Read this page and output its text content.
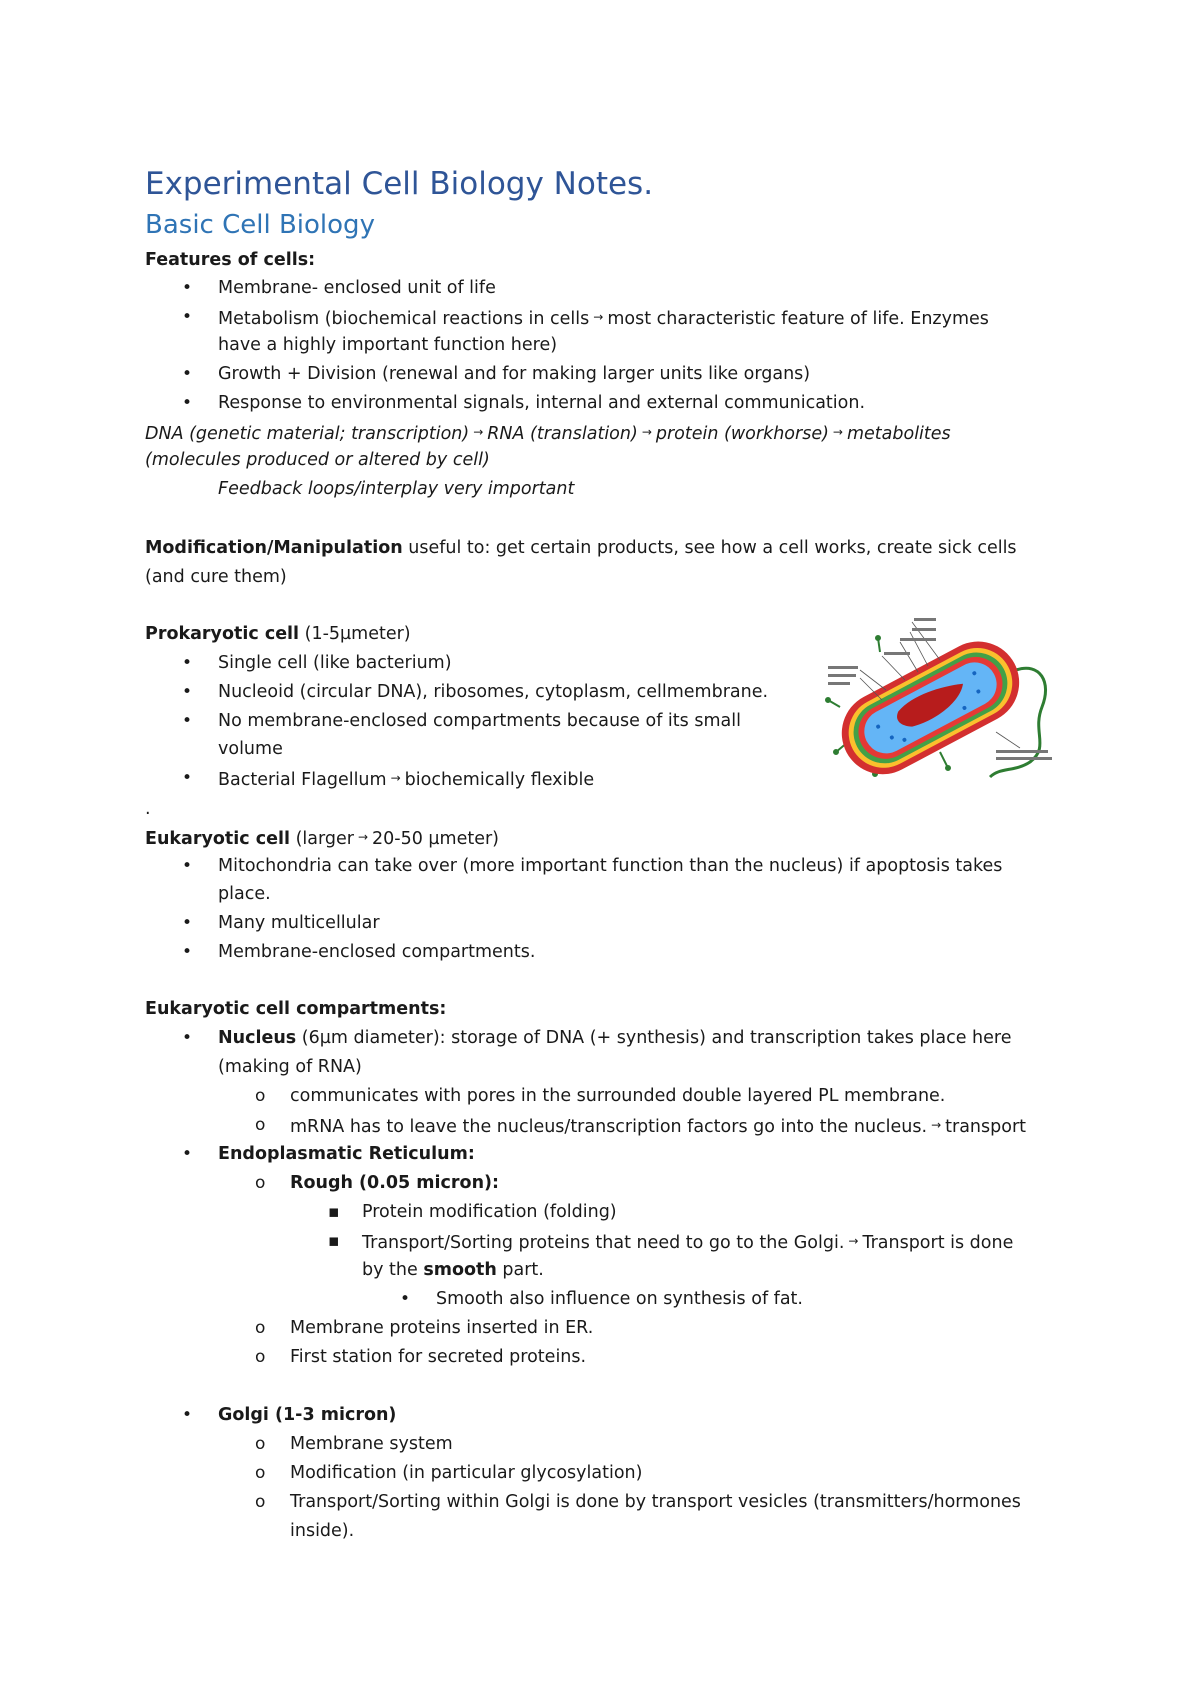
Experimental Cell Biology Notes.
Basic Cell Biology
Features of cells:
• Membrane- enclosed unit of life
• Metabolism (biochemical reactions in cells → most characteristic feature of life. Enzymes
have a highly important function here)
• Growth + Division (renewal and for making larger units like organs)
• Response to environmental signals, internal and external communication.
DNA (genetic material; transcription) → RNA (translation) → protein (workhorse) → metabolites
(molecules produced or altered by cell)
Feedback loops/interplay very important
Modification/Manipulation useful to: get certain products, see how a cell works, create sick cells
(and cure them)
Prokaryotic cell (1-5µmeter)
• Single cell (like bacterium)
• Nucleoid (circular DNA), ribosomes, cytoplasm, cellmembrane.
• No membrane-enclosed compartments because of its small
volume
• Bacterial Flagellum → biochemically flexible
.
Eukaryotic cell (larger → 20-50 µmeter)
• Mitochondria can take over (more important function than the nucleus) if apoptosis takes
place.
• Many multicellular
• Membrane-enclosed compartments.
Eukaryotic cell compartments:
• Nucleus (6µm diameter): storage of DNA (+ synthesis) and transcription takes place here
(making of RNA)
o communicates with pores in the surrounded double layered PL membrane.
o mRNA has to leave the nucleus/transcription factors go into the nucleus. → transport
• Endoplasmatic Reticulum:
o Rough (0.05 micron):
▪ Protein modification (folding)
▪ Transport/Sorting proteins that need to go to the Golgi. → Transport is done
by the smooth part.
• Smooth also influence on synthesis of fat.
o Membrane proteins inserted in ER.
o First station for secreted proteins.
• Golgi (1-3 micron)
o Membrane system
o Modification (in particular glycosylation)
o Transport/Sorting within Golgi is done by transport vesicles (transmitters/hormones
inside).
